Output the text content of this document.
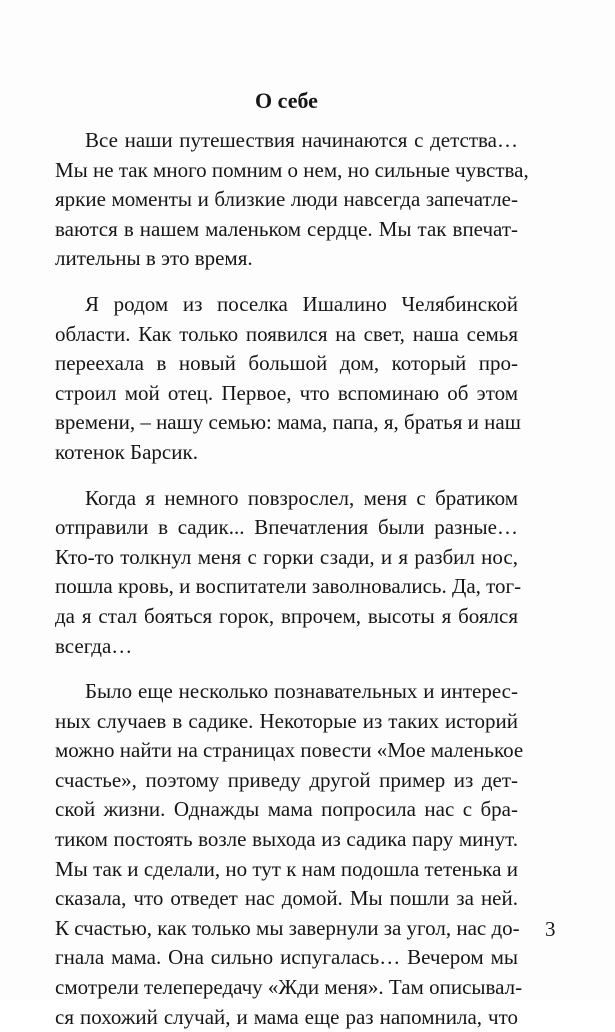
О себе
Все наши путешествия начинаются с детства…
Мы не так много помним о нем, но сильные чувства,
яркие моменты и близкие люди навсегда запечатле-
ваются в нашем маленьком сердце. Мы так впечат-
лительны в это время.
Я родом из поселка Ишалино Челябинской
области. Как только появился на свет, наша семья
переехала в новый большой дом, который про-
строил мой отец. Первое, что вспоминаю об этом
времени, – нашу семью: мама, папа, я, братья и наш
котенок Барсик.
Когда я немного повзрослел, меня с братиком
отправили в садик... Впечатления были разные…
Кто-то толкнул меня с горки сзади, и я разбил нос,
пошла кровь, и воспитатели заволновались. Да, тог-
да я стал бояться горок, впрочем, высоты я боялся
всегда…
Было еще несколько познавательных и интерес-
ных случаев в садике. Некоторые из таких историй
можно найти на страницах повести «Мое маленькое
счастье», поэтому приведу другой пример из дет-
ской жизни. Однажды мама попросила нас с бра-
тиком постоять возле выхода из садика пару минут.
Мы так и сделали, но тут к нам подошла тетенька и
сказала, что отведет нас домой. Мы пошли за ней.
К счастью, как только мы завернули за угол, нас до-
гнала мама. Она сильно испугалась… Вечером мы
смотрели телепередачу «Жди меня». Там описывал-
ся похожий случай, и мама еще раз напомнила, что
3
